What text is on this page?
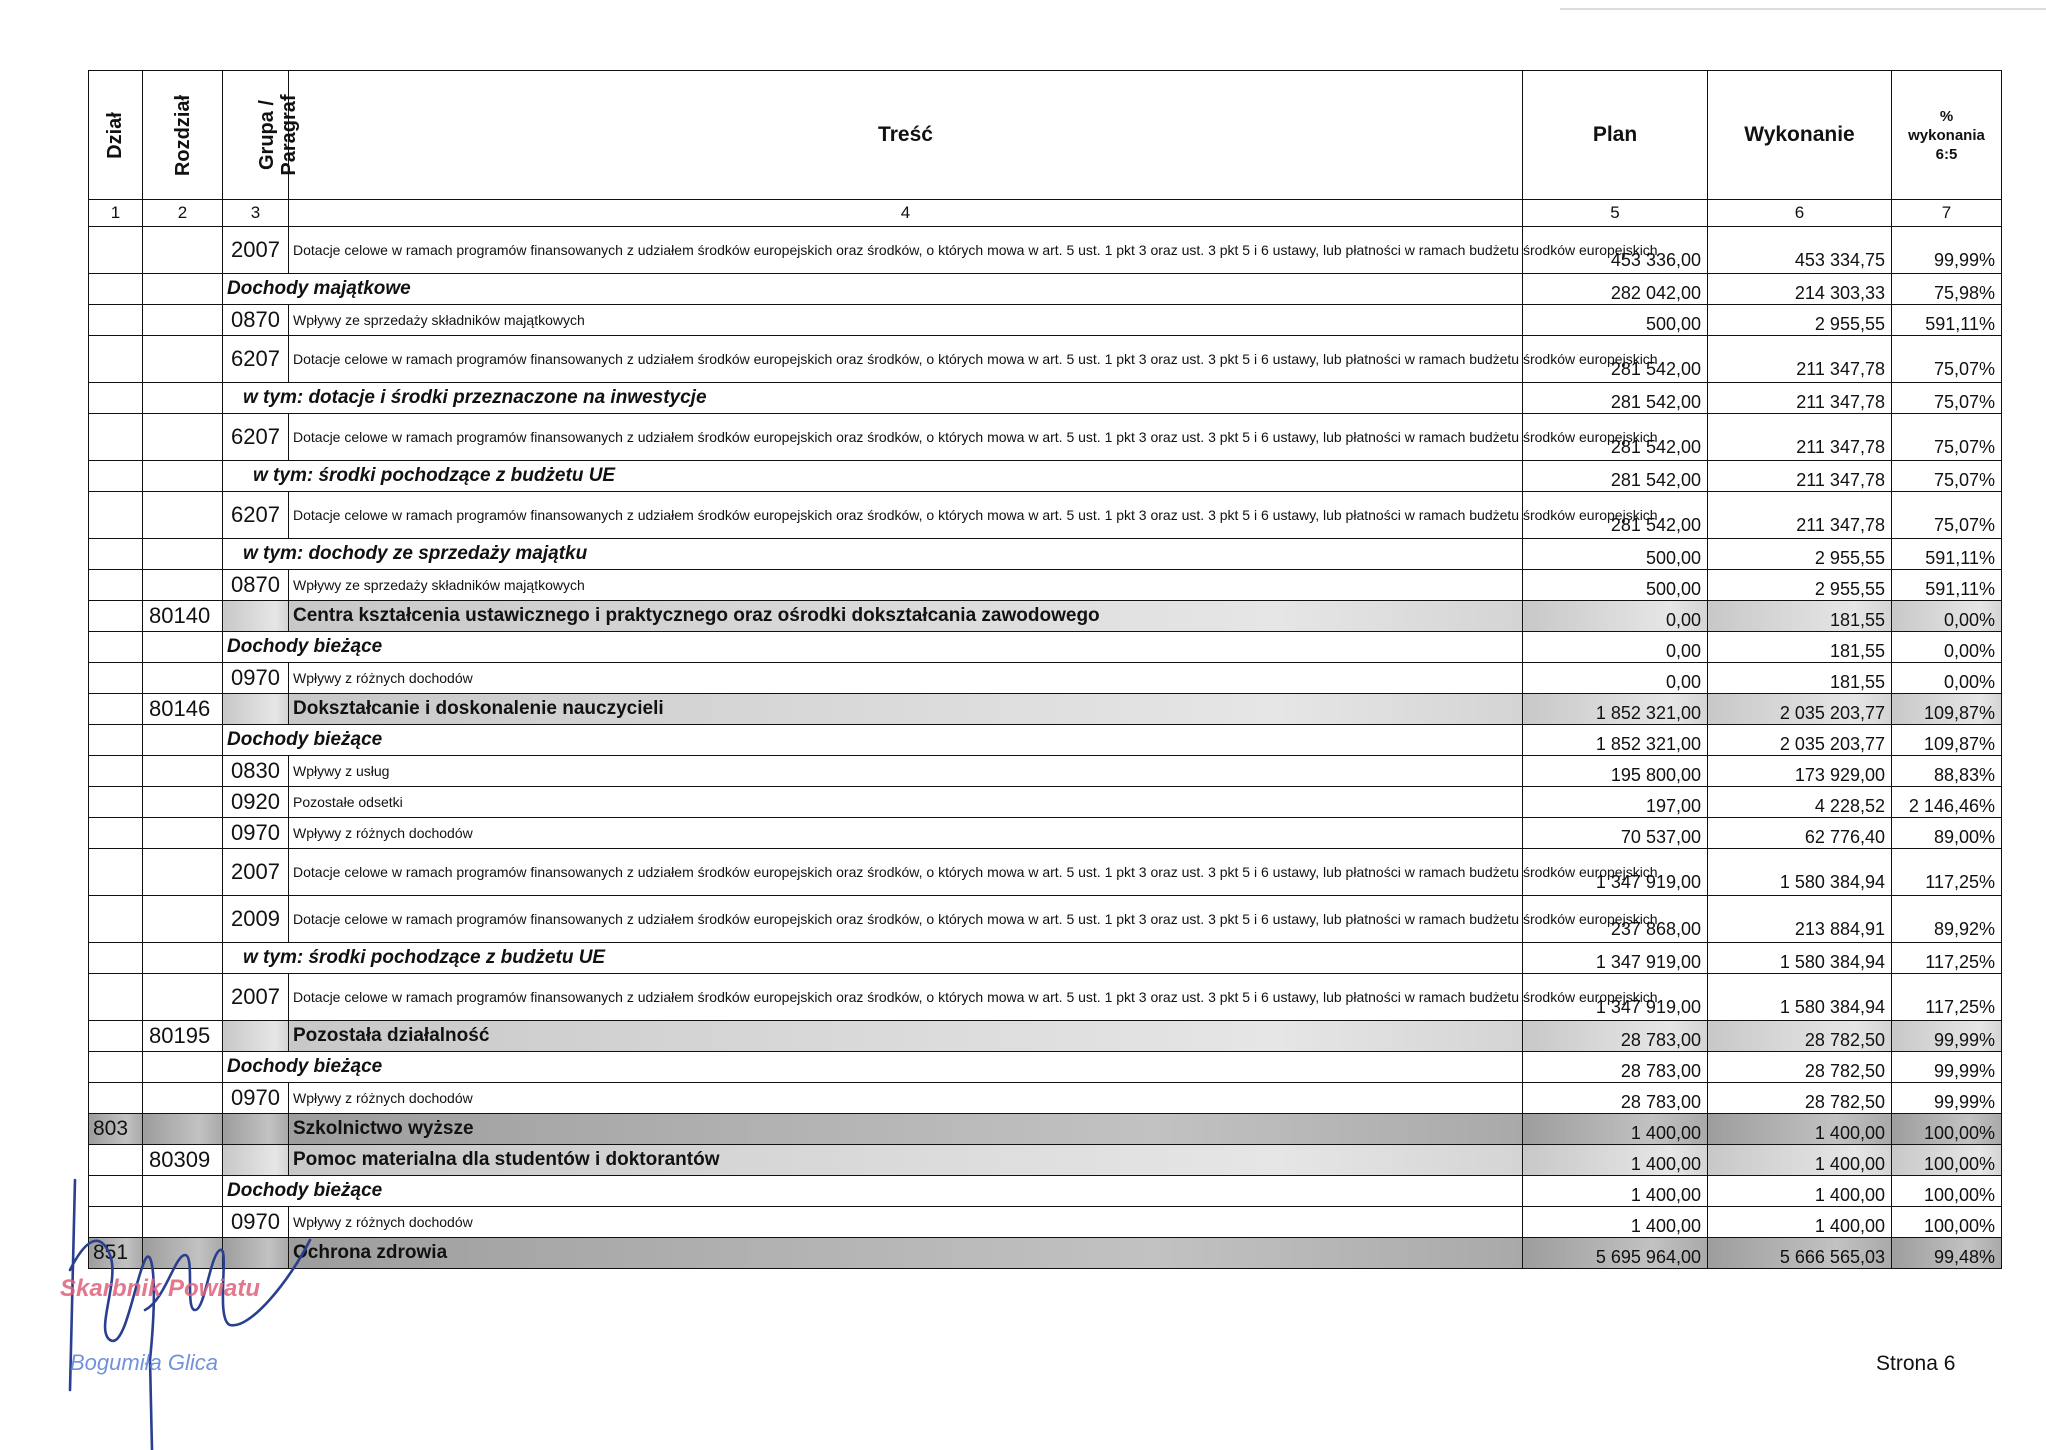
Dział	Rozdział	Grupa / Paragraf	Treść	Plan	Wykonanie	%
wykonania
6:5

1	2	3	4	5	6	7
		2007	Dotacje celowe w ramach programów finansowanych z udziałem środków europejskich oraz środków, o których mowa w art. 5 ust. 1 pkt 3 oraz ust. 3 pkt 5 i 6 ustawy, lub płatności w ramach budżetu środków europejskich	453 336,00	453 334,75	99,99%
		Dochody majątkowe		282 042,00	214 303,33	75,98%
		0870	Wpływy ze sprzedaży składników majątkowych	500,00	2 955,55	591,11%
		6207	Dotacje celowe w ramach programów finansowanych z udziałem środków europejskich oraz środków, o których mowa w art. 5 ust. 1 pkt 3 oraz ust. 3 pkt 5 i 6 ustawy, lub płatności w ramach budżetu środków europejskich	281 542,00	211 347,78	75,07%
		w tym: dotacje i środki przeznaczone na inwestycje		281 542,00	211 347,78	75,07%
		6207	Dotacje celowe w ramach programów finansowanych z udziałem środków europejskich oraz środków, o których mowa w art. 5 ust. 1 pkt 3 oraz ust. 3 pkt 5 i 6 ustawy, lub płatności w ramach budżetu środków europejskich	281 542,00	211 347,78	75,07%
		w tym: środki pochodzące z budżetu UE		281 542,00	211 347,78	75,07%
		6207	Dotacje celowe w ramach programów finansowanych z udziałem środków europejskich oraz środków, o których mowa w art. 5 ust. 1 pkt 3 oraz ust. 3 pkt 5 i 6 ustawy, lub płatności w ramach budżetu środków europejskich	281 542,00	211 347,78	75,07%
		w tym: dochody ze sprzedaży majątku		500,00	2 955,55	591,11%
		0870	Wpływy ze sprzedaży składników majątkowych	500,00	2 955,55	591,11%
	80140		Centra kształcenia ustawicznego i praktycznego oraz ośrodki dokształcania zawodowego	0,00	181,55	0,00%
		Dochody bieżące		0,00	181,55	0,00%
		0970	Wpływy z różnych dochodów	0,00	181,55	0,00%
	80146		Dokształcanie i doskonalenie nauczycieli	1 852 321,00	2 035 203,77	109,87%
		Dochody bieżące		1 852 321,00	2 035 203,77	109,87%
		0830	Wpływy z usług	195 800,00	173 929,00	88,83%
		0920	Pozostałe odsetki	197,00	4 228,52	2 146,46%
		0970	Wpływy z różnych dochodów	70 537,00	62 776,40	89,00%
		2007	Dotacje celowe w ramach programów finansowanych z udziałem środków europejskich oraz środków, o których mowa w art. 5 ust. 1 pkt 3 oraz ust. 3 pkt 5 i 6 ustawy, lub płatności w ramach budżetu środków europejskich	1 347 919,00	1 580 384,94	117,25%
		2009	Dotacje celowe w ramach programów finansowanych z udziałem środków europejskich oraz środków, o których mowa w art. 5 ust. 1 pkt 3 oraz ust. 3 pkt 5 i 6 ustawy, lub płatności w ramach budżetu środków europejskich	237 868,00	213 884,91	89,92%
		w tym: środki pochodzące z budżetu UE		1 347 919,00	1 580 384,94	117,25%
		2007	Dotacje celowe w ramach programów finansowanych z udziałem środków europejskich oraz środków, o których mowa w art. 5 ust. 1 pkt 3 oraz ust. 3 pkt 5 i 6 ustawy, lub płatności w ramach budżetu środków europejskich	1 347 919,00	1 580 384,94	117,25%
	80195		Pozostała działalność	28 783,00	28 782,50	99,99%
		Dochody bieżące		28 783,00	28 782,50	99,99%
		0970	Wpływy z różnych dochodów	28 783,00	28 782,50	99,99%
803			Szkolnictwo wyższe	1 400,00	1 400,00	100,00%
	80309		Pomoc materialna dla studentów i doktorantów	1 400,00	1 400,00	100,00%
		Dochody bieżące		1 400,00	1 400,00	100,00%
		0970	Wpływy z różnych dochodów	1 400,00	1 400,00	100,00%
851			Ochrona zdrowia	5 695 964,00	5 666 565,03	99,48%
Skarbnik Powiatu
Bogumiła Glica	Strona 6
